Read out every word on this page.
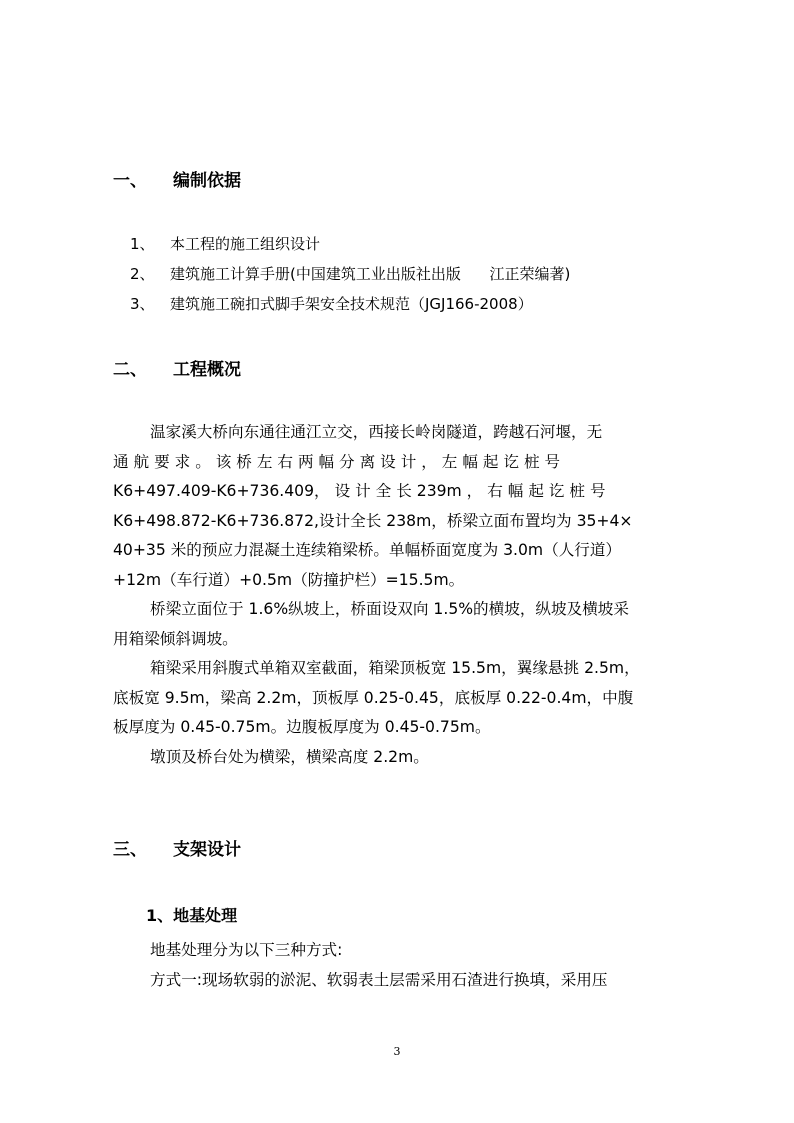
一、 编制依据
1、 本工程的施工组织设计
2、 建筑施工计算手册(中国建筑工业出版社出版      江正荣编著)
3、 建筑施工碗扣式脚手架安全技术规范（JGJ166-2008）
二、 工程概况
温家溪大桥向东通往通江立交，西接长岭岗隧道，跨越石河堰，无
通 航 要 求 。 该 桥 左 右 两 幅 分 离 设 计 ， 左 幅 起 讫 桩 号
K6+497.409-K6+736.409， 设 计 全 长 239m ， 右 幅 起 讫 桩 号
K6+498.872-K6+736.872,设计全长 238m，桥梁立面布置均为 35+4×
40+35 米的预应力混凝土连续箱梁桥。单幅桥面宽度为 3.0m（人行道）
+12m（车行道）+0.5m（防撞护栏）=15.5m。
桥梁立面位于 1.6%纵坡上，桥面设双向 1.5%的横坡，纵坡及横坡采
用箱梁倾斜调坡。
箱梁采用斜腹式单箱双室截面，箱梁顶板宽 15.5m，翼缘悬挑 2.5m，
底板宽 9.5m，梁高 2.2m，顶板厚 0.25-0.45，底板厚 0.22-0.4m，中腹
板厚度为 0.45-0.75m。边腹板厚度为 0.45-0.75m。
墩顶及桥台处为横梁，横梁高度 2.2m。
三、 支架设计
1、地基处理
地基处理分为以下三种方式:
方式一:现场软弱的淤泥、软弱表土层需采用石渣进行换填，采用压
3
